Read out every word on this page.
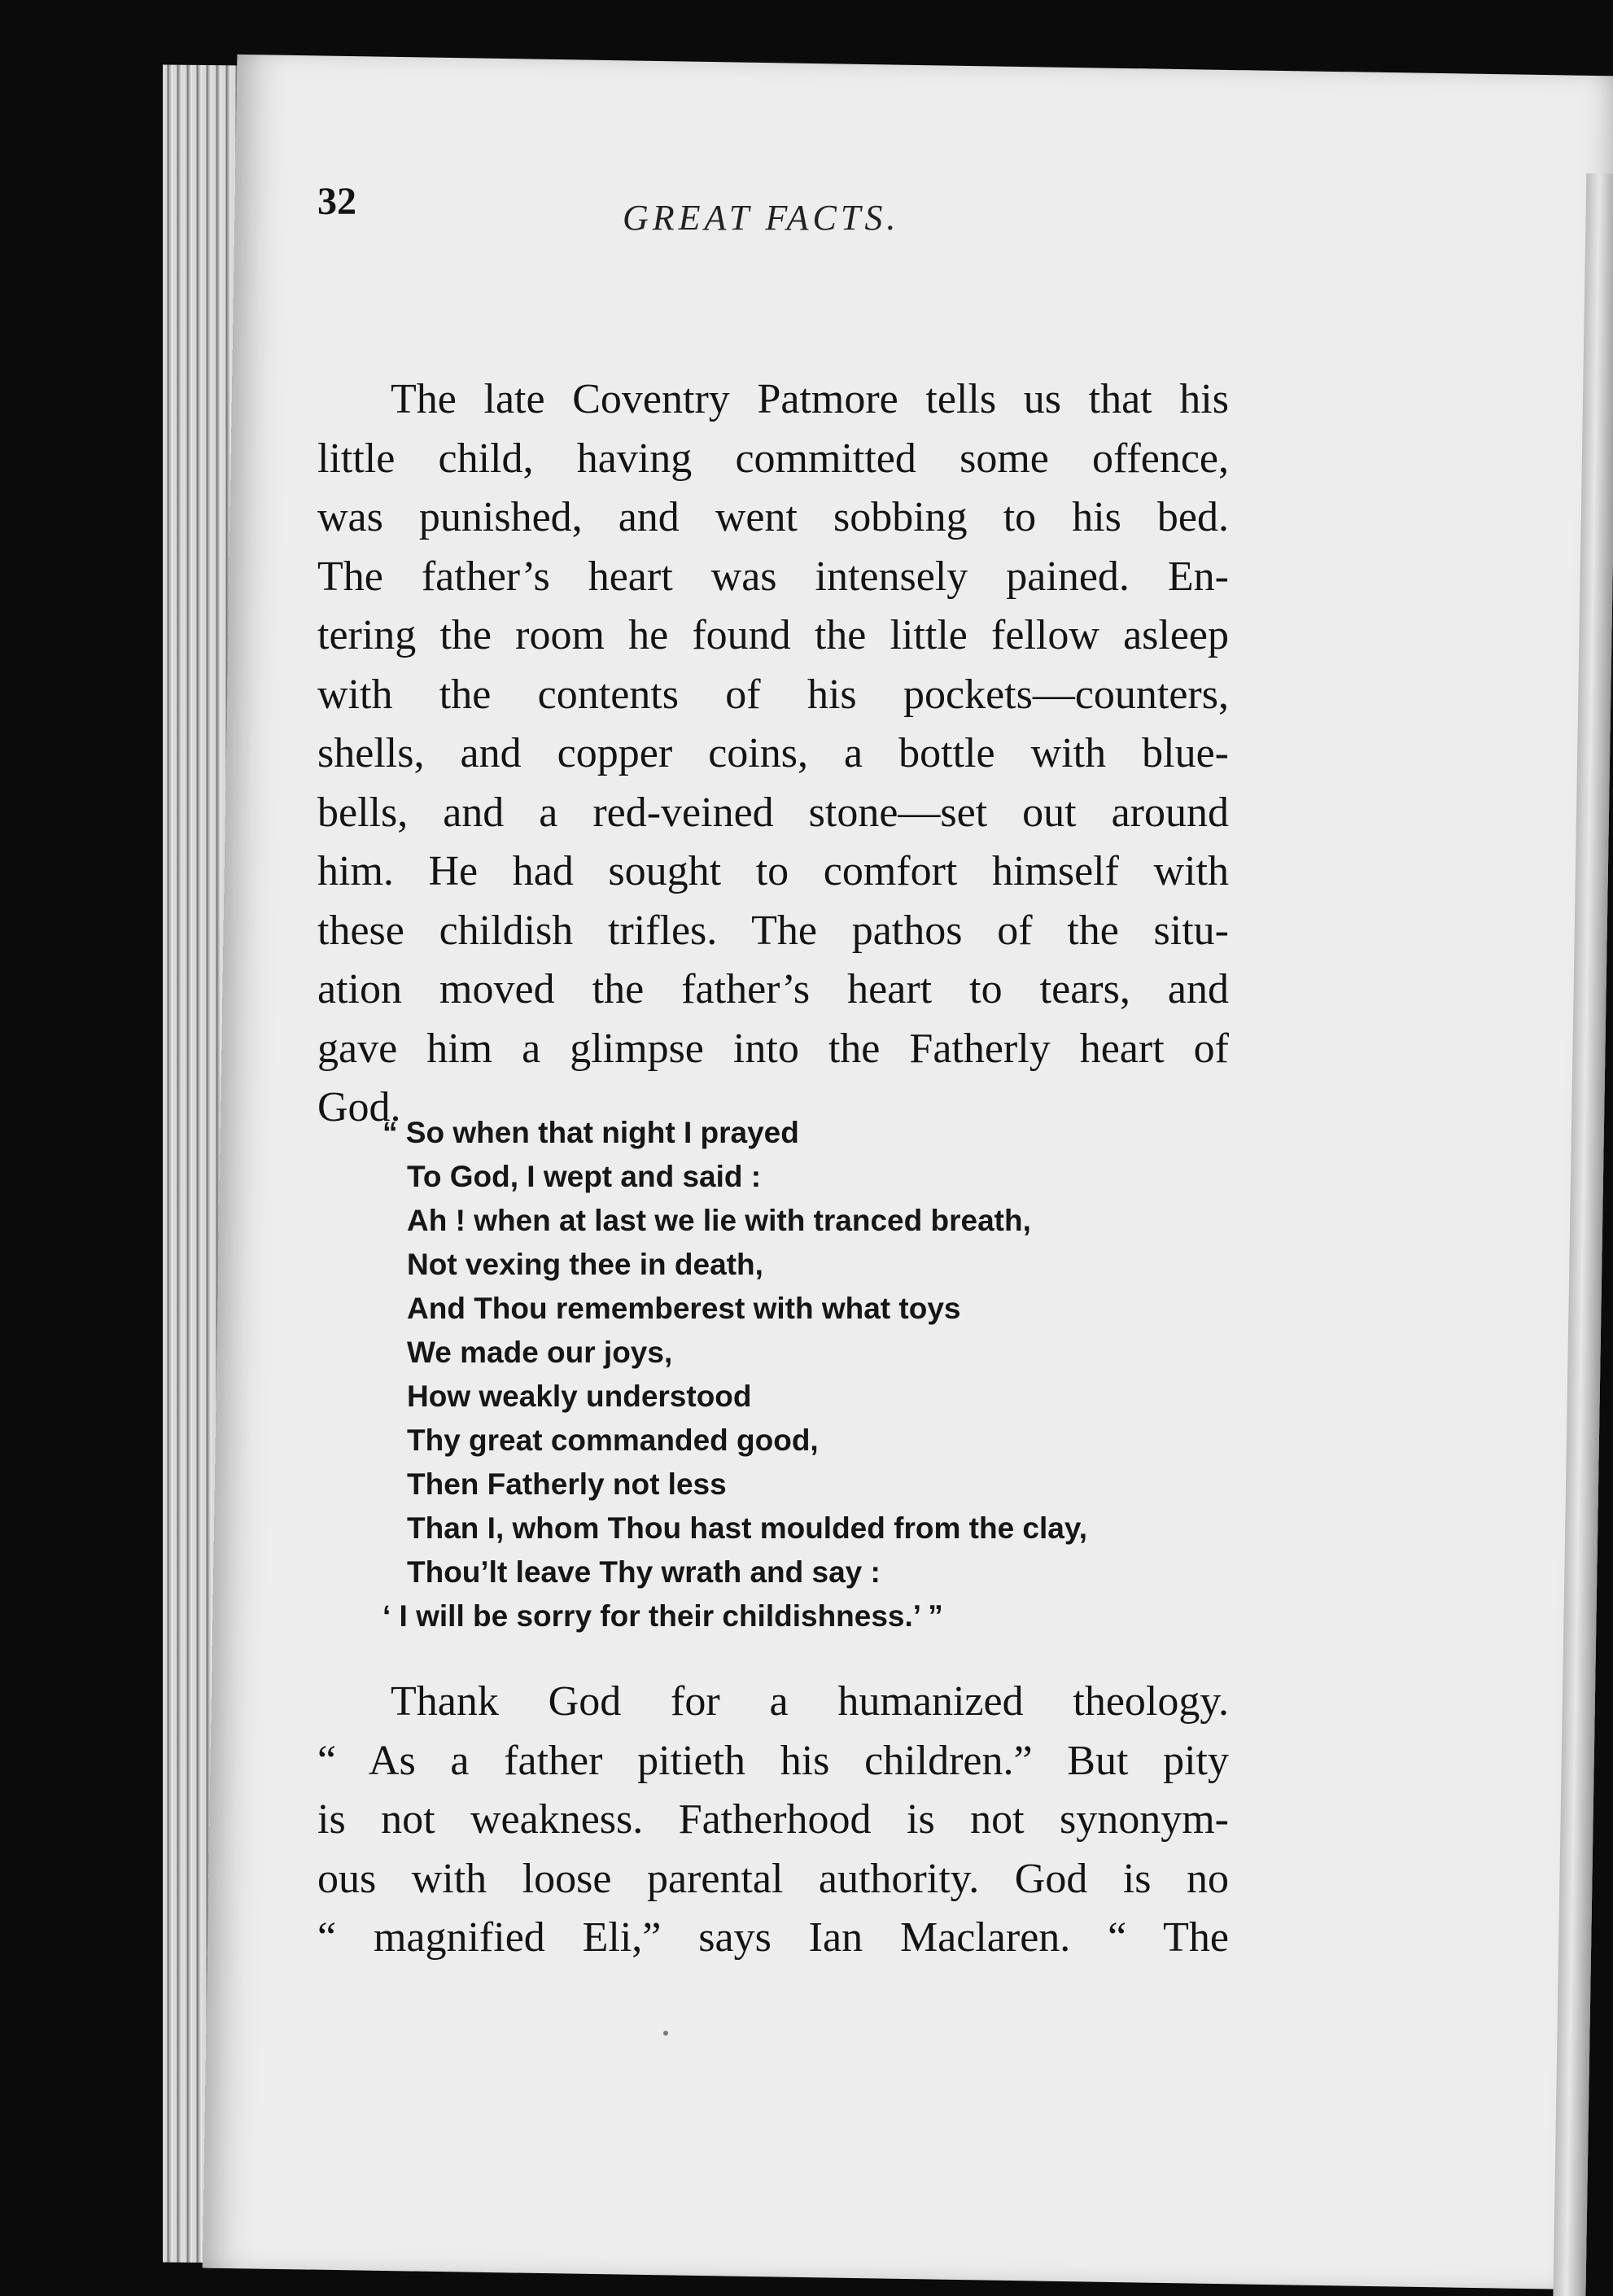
32	GREAT FACTS.
The late Coventry Patmore tells us that his
little child, having committed some offence,
was punished, and went sobbing to his bed.
The father’s heart was intensely pained. En-
tering the room he found the little fellow asleep
with the contents of his pockets—counters,
shells, and copper coins, a bottle with blue-
bells, and a red-veined stone—set out around
him. He had sought to comfort himself with
these childish trifles. The pathos of the situ-
ation moved the father’s heart to tears, and
gave him a glimpse into the Fatherly heart of
God.
“ So when that night I prayed
To God, I wept and said :
Ah ! when at last we lie with tranced breath,
Not vexing thee in death,
And Thou rememberest with what toys
We made our joys,
How weakly understood
Thy great commanded good,
Then Fatherly not less
Than I, whom Thou hast moulded from the clay,
Thou’lt leave Thy wrath and say :
‘ I will be sorry for their childishness.’ ”
Thank God for a humanized theology.
“ As a father pitieth his children.” But pity
is not weakness. Fatherhood is not synonym-
ous with loose parental authority. God is no
“ magnified Eli,” says Ian Maclaren. “ The
